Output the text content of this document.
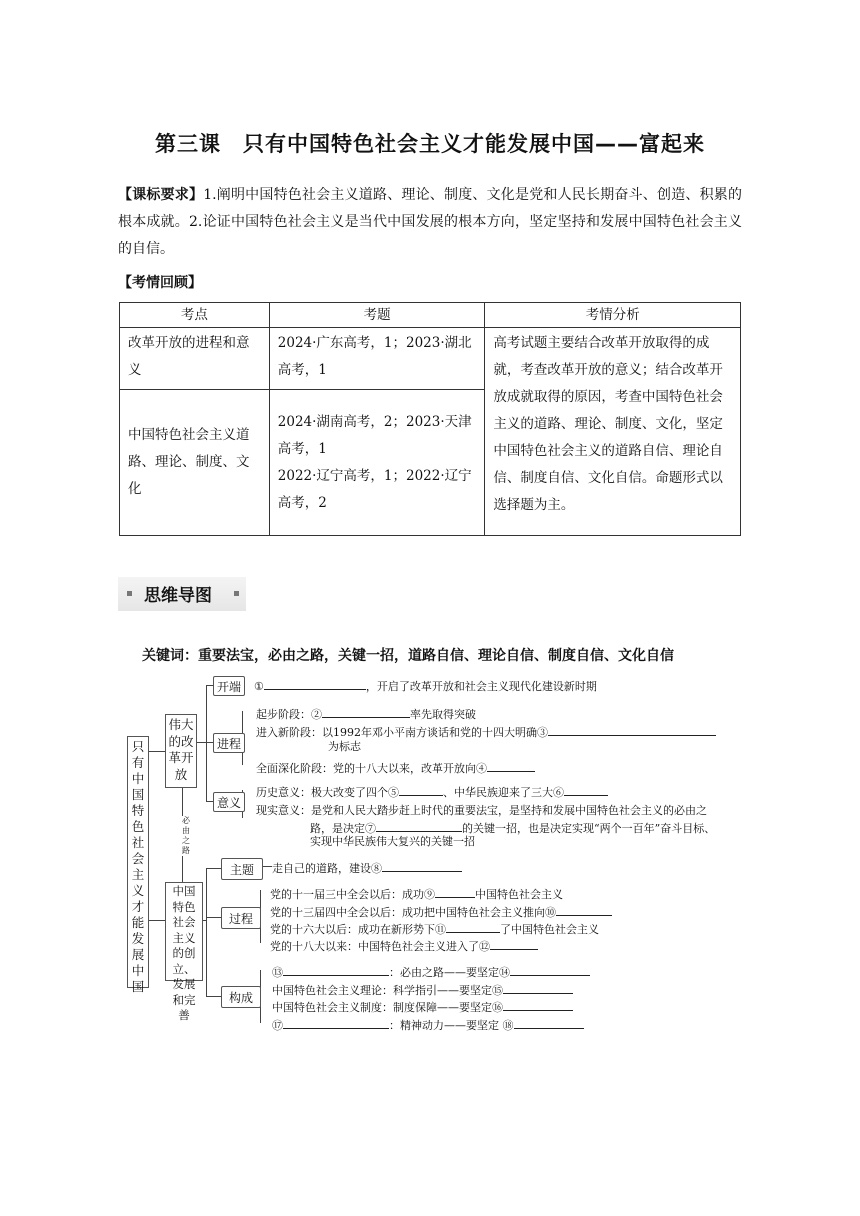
第三课　只有中国特色社会主义才能发展中国——富起来
【课标要求】1.阐明中国特色社会主义道路、理论、制度、文化是党和人民长期奋斗、创造、积累的根本成就。2.论证中国特色社会主义是当代中国发展的根本方向，坚定坚持和发展中国特色社会主义的自信。
【考情回顾】
考点	考题	考情分析
改革开放的进程和意义	2024·广东高考，1；2023·湖北高考，1	高考试题主要结合改革开放取得的成就，考查改革开放的意义；结合改革开放成就取得的原因，考查中国特色社会主义的道路、理论、制度、文化，坚定中国特色社会主义的道路自信、理论自信、制度自信、文化自信。命题形式以选择题为主。
中国特色社会主义道路、理论、制度、文化	2024·湖南高考，2；2023·天津高考，1
2022·辽宁高考，1；2022·辽宁高考，2	
思维导图
关键词：重要法宝，必由之路，关键一招，道路自信、理论自信、制度自信、文化自信
只有中国特色社会主义才能发展中国
伟大的改革开放
必由之路
中国特色社会主义的创立、发展和完善
开端
进程
意义
主题
过程
构成
①	，开启了改革开放和社会主义现代化建设新时期
起步阶段：②	率先取得突破
进入新阶段：以1992年邓小平南方谈话和党的十四大明确③
为标志
全面深化阶段：党的十八大以来，改革开放向④
历史意义：极大改变了四个⑤	、中华民族迎来了三大⑥
现实意义：是党和人民大踏步赶上时代的重要法宝，是坚持和发展中国特色社会主义的必由之
路，是决定⑦	的关键一招，也是决定实现“两个一百年”奋斗目标、
实现中华民族伟大复兴的关键一招
走自己的道路，建设⑧
党的十一届三中全会以后：成功⑨	中国特色社会主义
党的十三届四中全会以后：成功把中国特色社会主义推向⑩
党的十六大以后：成功在新形势下⑪	了中国特色社会主义
党的十八大以来：中国特色社会主义进入了⑫
⑬	：必由之路——要坚定⑭
中国特色社会主义理论：科学指引——要坚定⑮
中国特色社会主义制度：制度保障——要坚定⑯
⑰	：精神动力——要坚定 ⑱
